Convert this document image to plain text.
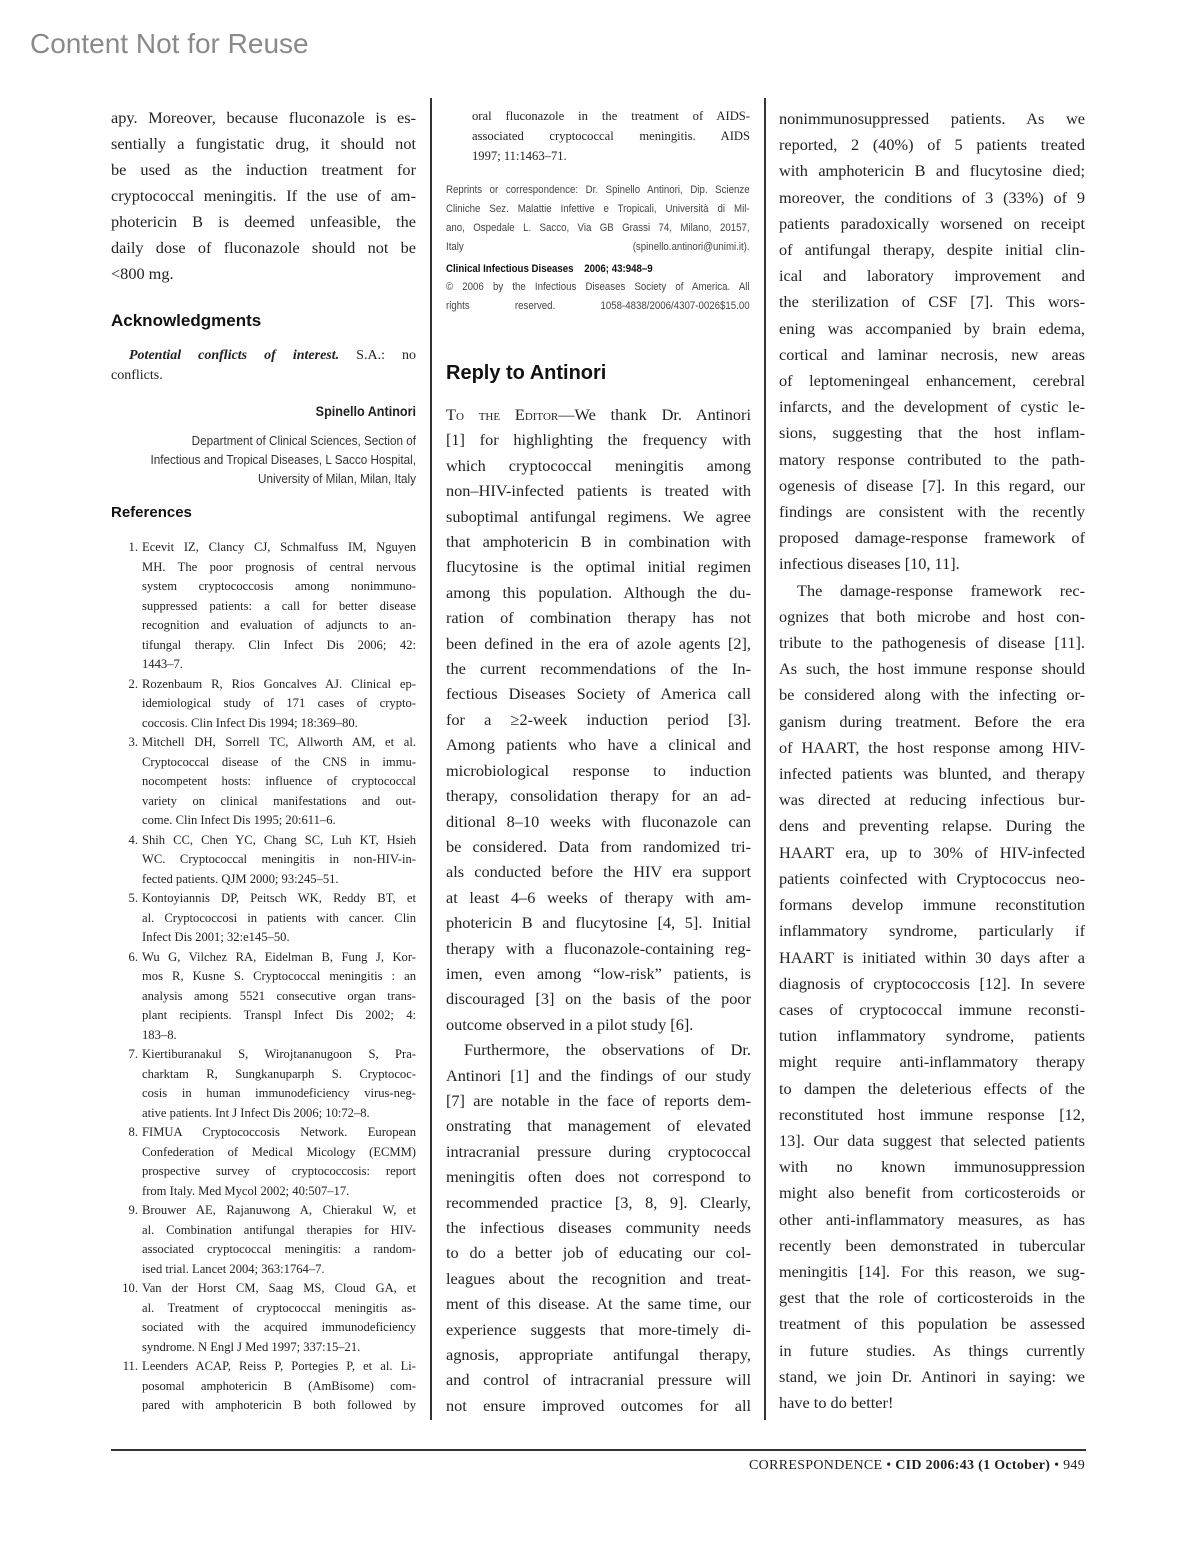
Content Not for Reuse
apy. Moreover, because fluconazole is es-
sentially a fungistatic drug, it should not
be used as the induction treatment for
cryptococcal meningitis. If the use of am-
photericin B is deemed unfeasible, the
daily dose of fluconazole should not be
<800 mg.
Acknowledgments
Potential conflicts of interest. S.A.: no
conflicts.
Spinello Antinori
Department of Clinical Sciences, Section of
Infectious and Tropical Diseases, L Sacco Hospital,
University of Milan, Milan, Italy
References
1. Ecevit IZ, Clancy CJ, Schmalfuss IM, Nguyen
MH. The poor prognosis of central nervous
system cryptococcosis among nonimmuno-
suppressed patients: a call for better disease
recognition and evaluation of adjuncts to an-
tifungal therapy. Clin Infect Dis 2006; 42:
1443–7.
2. Rozenbaum R, Rios Goncalves AJ. Clinical ep-
idemiological study of 171 cases of crypto-
coccosis. Clin Infect Dis 1994; 18:369–80.
3. Mitchell DH, Sorrell TC, Allworth AM, et al.
Cryptococcal disease of the CNS in immu-
nocompetent hosts: influence of cryptococcal
variety on clinical manifestations and out-
come. Clin Infect Dis 1995; 20:611–6.
4. Shih CC, Chen YC, Chang SC, Luh KT, Hsieh
WC. Cryptococcal meningitis in non-HIV-in-
fected patients. QJM 2000; 93:245–51.
5. Kontoyiannis DP, Peitsch WK, Reddy BT, et
al. Cryptococcosi in patients with cancer. Clin
Infect Dis 2001; 32:e145–50.
6. Wu G, Vilchez RA, Eidelman B, Fung J, Kor-
mos R, Kusne S. Cryptococcal meningitis : an
analysis among 5521 consecutive organ trans-
plant recipients. Transpl Infect Dis 2002; 4:
183–8.
7. Kiertiburanakul S, Wirojtananugoon S, Pra-
charktam R, Sungkanuparph S. Cryptococ-
cosis in human immunodeficiency virus-neg-
ative patients. Int J Infect Dis 2006; 10:72–8.
8. FIMUA Cryptococcosis Network. European
Confederation of Medical Micology (ECMM)
prospective survey of cryptococcosis: report
from Italy. Med Mycol 2002; 40:507–17.
9. Brouwer AE, Rajanuwong A, Chierakul W, et
al. Combination antifungal therapies for HIV-
associated cryptococcal meningitis: a random-
ised trial. Lancet 2004; 363:1764–7.
10. Van der Horst CM, Saag MS, Cloud GA, et
al. Treatment of cryptococcal meningitis as-
sociated with the acquired immunodeficiency
syndrome. N Engl J Med 1997; 337:15–21.
11. Leenders ACAP, Reiss P, Portegies P, et al. Li-
posomal amphotericin B (AmBisome) com-
pared with amphotericin B both followed by
oral fluconazole in the treatment of AIDS-
associated cryptococcal meningitis. AIDS
1997; 11:1463–71.
Reprints or correspondence: Dr. Spinello Antinori, Dip. Scienze
Cliniche Sez. Malattie Infettive e Tropicali, Università di Mil-
ano, Ospedale L. Sacco, Via GB Grassi 74, Milano, 20157,
Italy (spinello.antinori@unimi.it).
Clinical Infectious Diseases 2006; 43:948–9
© 2006 by the Infectious Diseases Society of America. All
rights reserved. 1058-4838/2006/4307-0026$15.00
Reply to Antinori
To the Editor—We thank Dr. Antinori
[1] for highlighting the frequency with
which cryptococcal meningitis among
non–HIV-infected patients is treated with
suboptimal antifungal regimens. We agree
that amphotericin B in combination with
flucytosine is the optimal initial regimen
among this population. Although the du-
ration of combination therapy has not
been defined in the era of azole agents [2],
the current recommendations of the In-
fectious Diseases Society of America call
for a ≥2-week induction period [3].
Among patients who have a clinical and
microbiological response to induction
therapy, consolidation therapy for an ad-
ditional 8–10 weeks with fluconazole can
be considered. Data from randomized tri-
als conducted before the HIV era support
at least 4–6 weeks of therapy with am-
photericin B and flucytosine [4, 5]. Initial
therapy with a fluconazole-containing reg-
imen, even among “low-risk” patients, is
discouraged [3] on the basis of the poor
outcome observed in a pilot study [6].
Furthermore, the observations of Dr.
Antinori [1] and the findings of our study
[7] are notable in the face of reports dem-
onstrating that management of elevated
intracranial pressure during cryptococcal
meningitis often does not correspond to
recommended practice [3, 8, 9]. Clearly,
the infectious diseases community needs
to do a better job of educating our col-
leagues about the recognition and treat-
ment of this disease. At the same time, our
experience suggests that more-timely di-
agnosis, appropriate antifungal therapy,
and control of intracranial pressure will
not ensure improved outcomes for all
nonimmunosuppressed patients. As we
reported, 2 (40%) of 5 patients treated
with amphotericin B and flucytosine died;
moreover, the conditions of 3 (33%) of 9
patients paradoxically worsened on receipt
of antifungal therapy, despite initial clin-
ical and laboratory improvement and
the sterilization of CSF [7]. This wors-
ening was accompanied by brain edema,
cortical and laminar necrosis, new areas
of leptomeningeal enhancement, cerebral
infarcts, and the development of cystic le-
sions, suggesting that the host inflam-
matory response contributed to the path-
ogenesis of disease [7]. In this regard, our
findings are consistent with the recently
proposed damage-response framework of
infectious diseases [10, 11].
The damage-response framework rec-
ognizes that both microbe and host con-
tribute to the pathogenesis of disease [11].
As such, the host immune response should
be considered along with the infecting or-
ganism during treatment. Before the era
of HAART, the host response among HIV-
infected patients was blunted, and therapy
was directed at reducing infectious bur-
dens and preventing relapse. During the
HAART era, up to 30% of HIV-infected
patients coinfected with Cryptococcus neo-
formans develop immune reconstitution
inflammatory syndrome, particularly if
HAART is initiated within 30 days after a
diagnosis of cryptococcosis [12]. In severe
cases of cryptococcal immune reconsti-
tution inflammatory syndrome, patients
might require anti-inflammatory therapy
to dampen the deleterious effects of the
reconstituted host immune response [12,
13]. Our data suggest that selected patients
with no known immunosuppression
might also benefit from corticosteroids or
other anti-inflammatory measures, as has
recently been demonstrated in tubercular
meningitis [14]. For this reason, we sug-
gest that the role of corticosteroids in the
treatment of this population be assessed
in future studies. As things currently
stand, we join Dr. Antinori in saying: we
have to do better!
CORRESPONDENCE • CID 2006:43 (1 October) • 949
